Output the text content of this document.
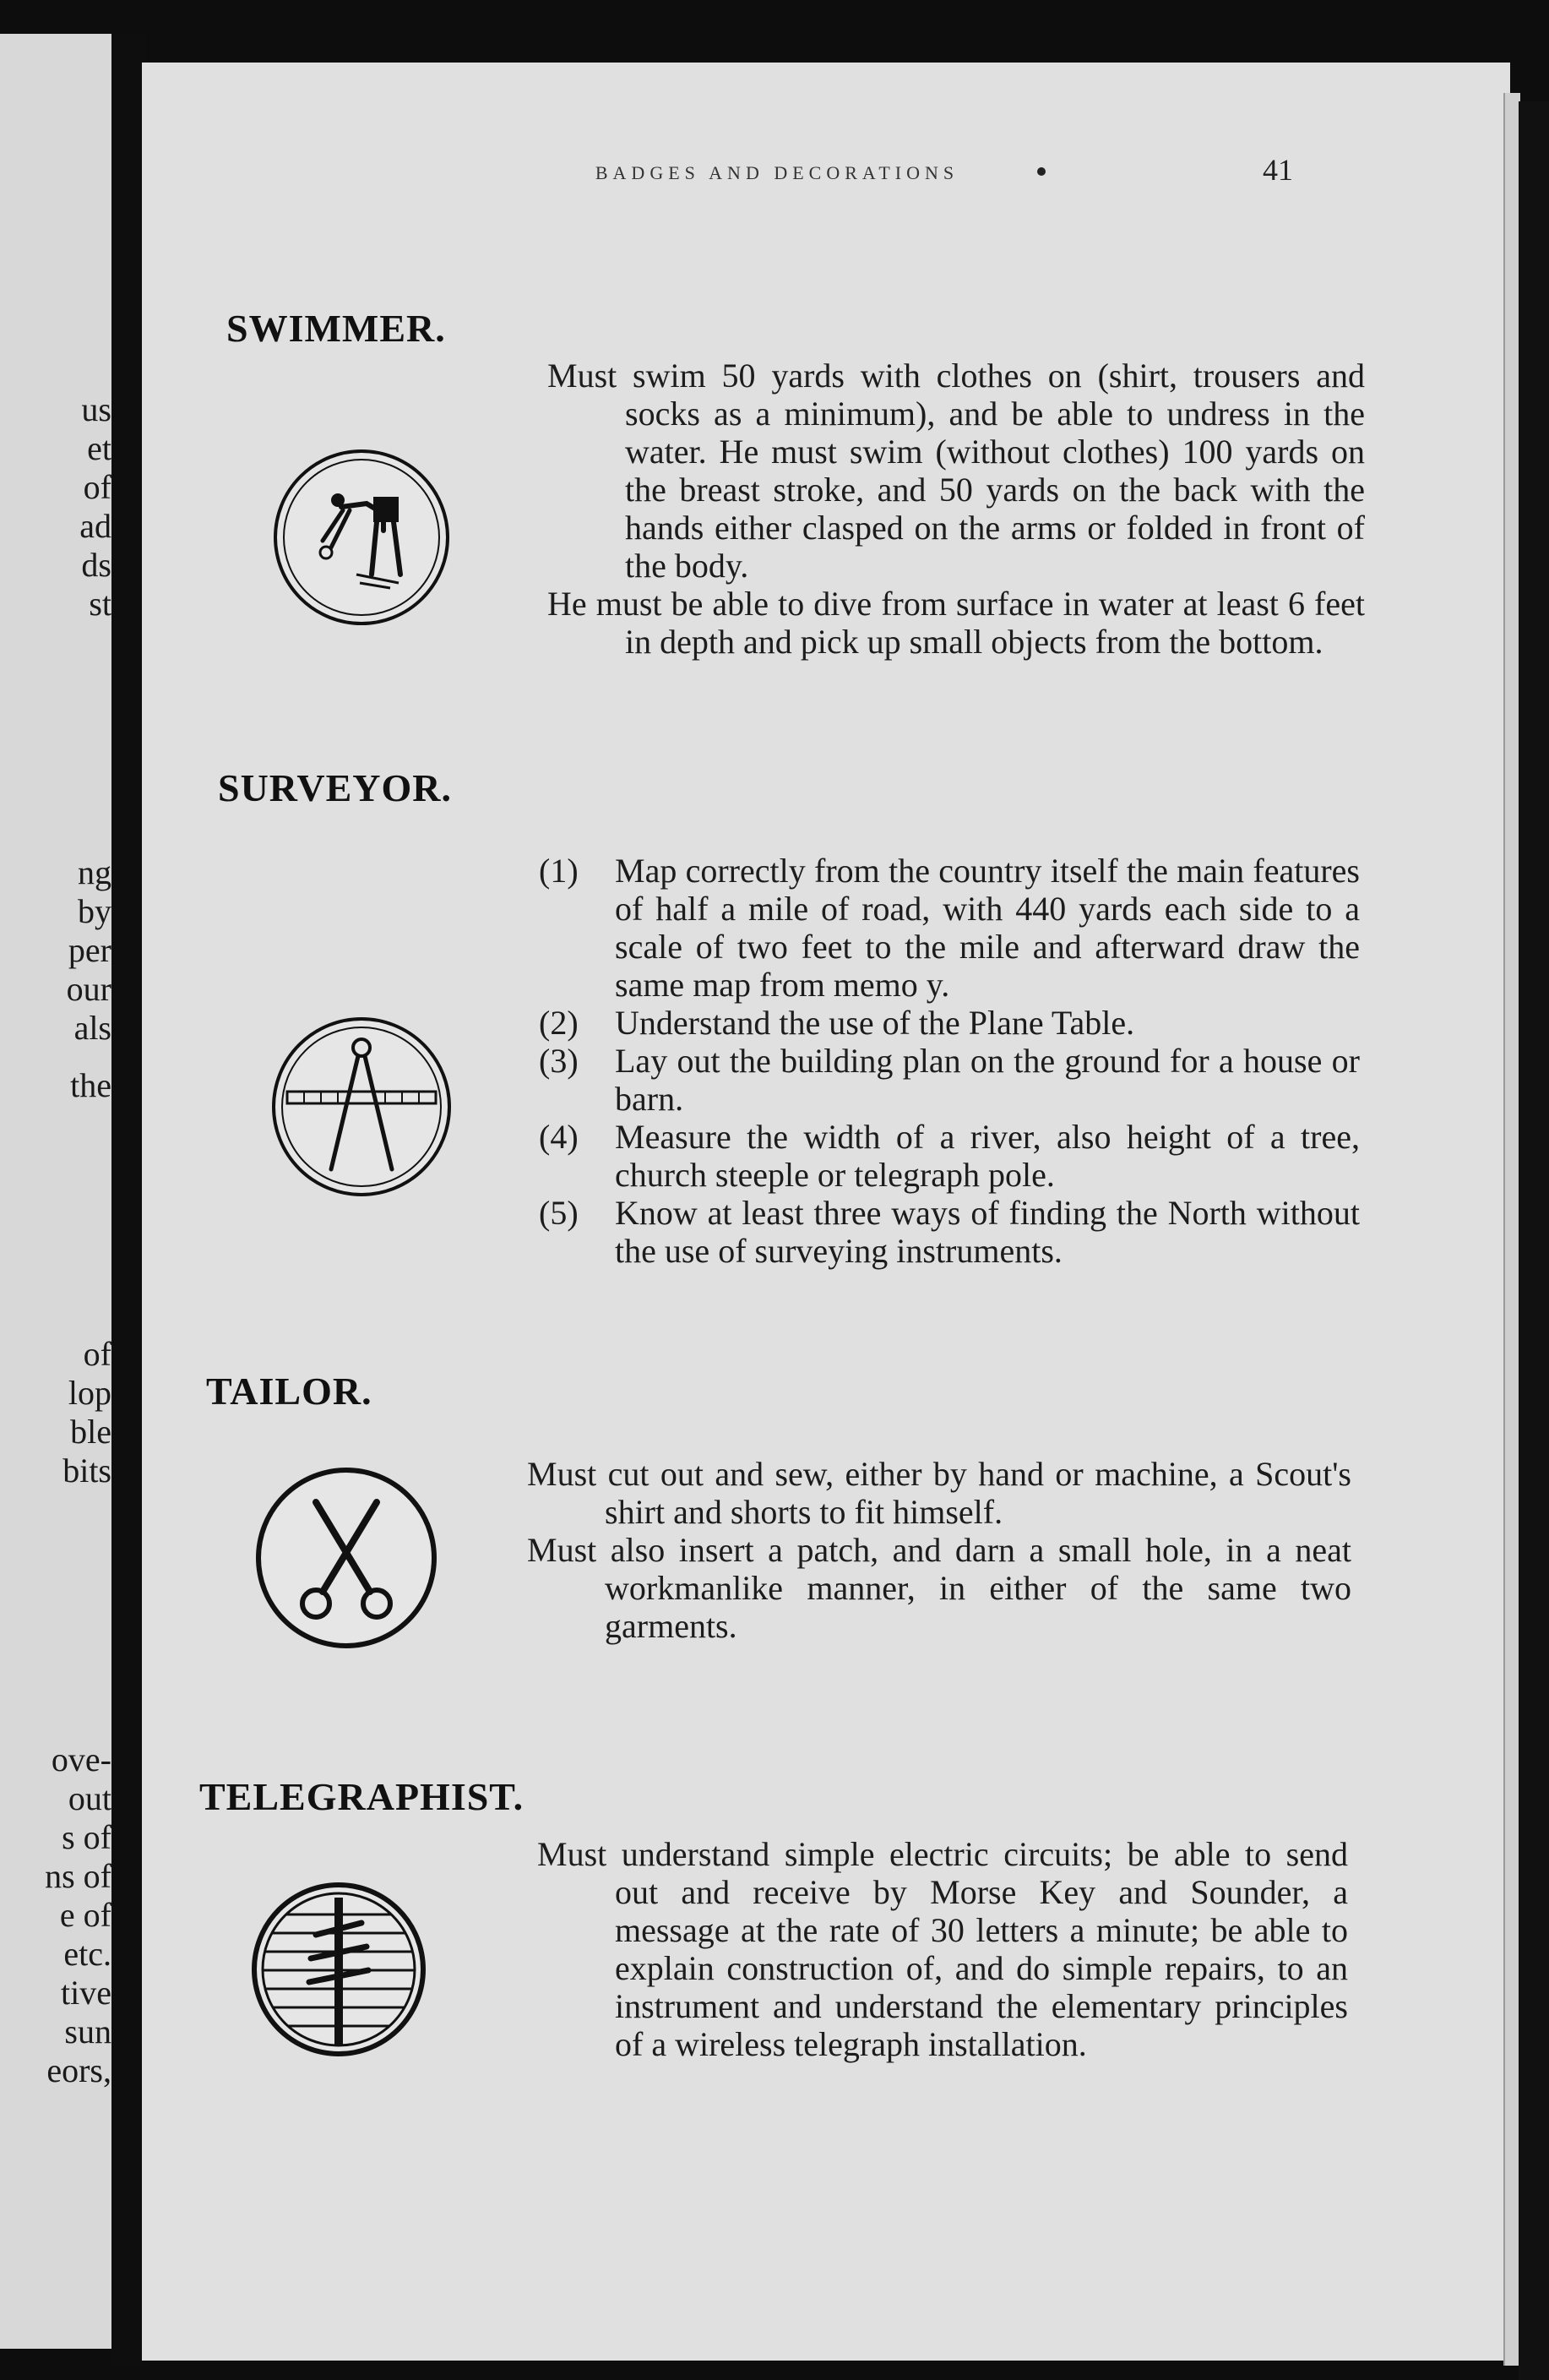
us
et
of
ad
ds
st
ng
by
per
our
als
the
of
lop
ble
bits
ove-
out
s of
ns of
e of
etc.
tive
sun
eors,
BADGES AND DECORATIONS	41
SWIMMER.

Must swim 50 yards with clothes on (shirt, trousers and socks as a minimum), and be able to undress in the water. He must swim (without clothes) 100 yards on the breast stroke, and 50 yards on the back with the hands either clasped on the arms or folded in front of the body.

He must be able to dive from surface in water at least 6 feet in depth and pick up small objects from the bottom.

SURVEYOR.
(1) Map correctly from the country itself the main features of half a mile of road, with 440 yards each side to a scale of two feet to the mile and afterward draw the same map from memo y.
(2) Understand the use of the Plane Table.
(3) Lay out the building plan on the ground for a house or barn.
(4) Measure the width of a river, also height of a tree, church steeple or telegraph pole.
(5) Know at least three ways of finding the North without the use of surveying instruments.
TAILOR.

Must cut out and sew, either by hand or machine, a Scout's shirt and shorts to fit himself.

Must also insert a patch, and darn a small hole, in a neat workmanlike manner, in either of the same two garments.

TELEGRAPHIST.

Must understand simple electric circuits; be able to send out and receive by Morse Key and Sounder, a message at the rate of 30 letters a minute; be able to explain construction of, and do simple repairs, to an instrument and understand the elementary principles of a wireless telegraph installation.
